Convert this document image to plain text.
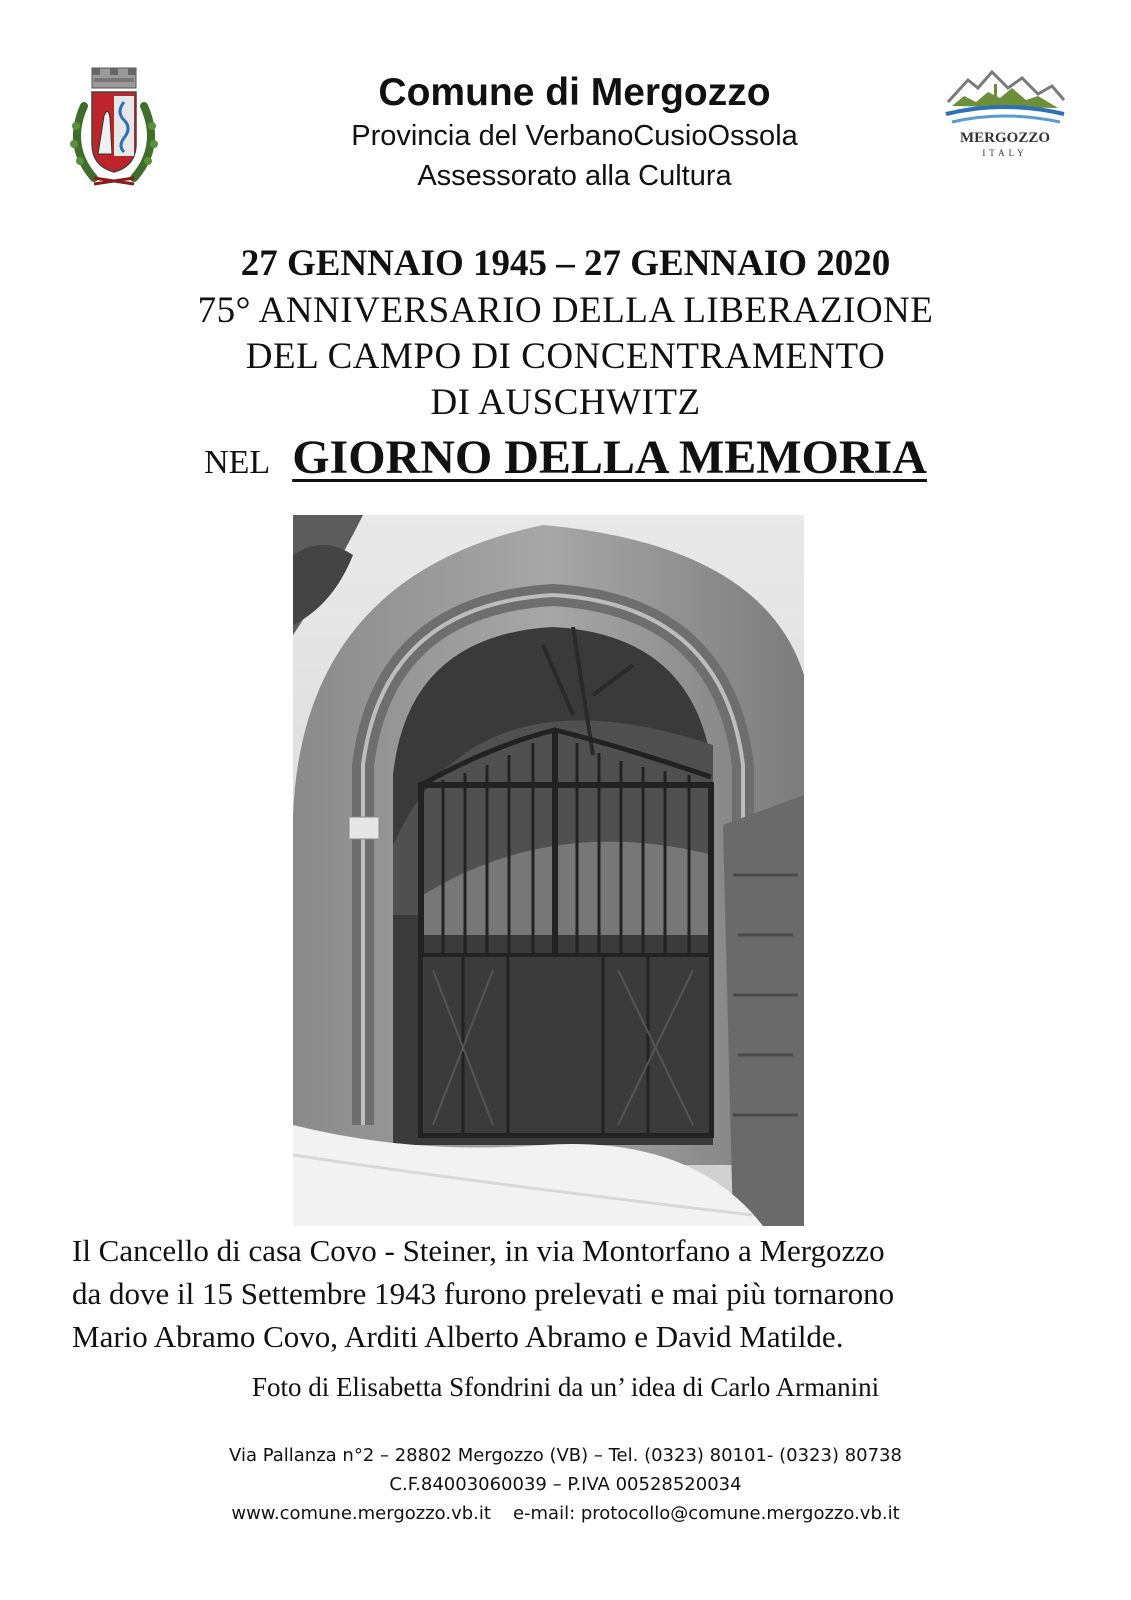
Comune di Mergozzo
Provincia del VerbanoCusioOssola
Assessorato alla Cultura
MERGOZZO
ITALY
27 GENNAIO 1945 – 27 GENNAIO 2020
75° ANNIVERSARIO DELLA LIBERAZIONE
DEL CAMPO DI CONCENTRAMENTO
DI AUSCHWITZ
NEL GIORNO DELLA MEMORIA
Il Cancello di casa Covo - Steiner, in via Montorfano a Mergozzo
da dove il 15 Settembre 1943 furono prelevati e mai più tornarono
Mario Abramo Covo, Arditi Alberto Abramo e David Matilde.
Foto di Elisabetta Sfondrini da un’ idea di Carlo Armanini
Via Pallanza n°2 – 28802 Mergozzo (VB) – Tel. (0323) 80101- (0323) 80738
C.F.84003060039 – P.IVA 00528520034
www.comune.mergozzo.vb.it e-mail: protocollo@comune.mergozzo.vb.it
